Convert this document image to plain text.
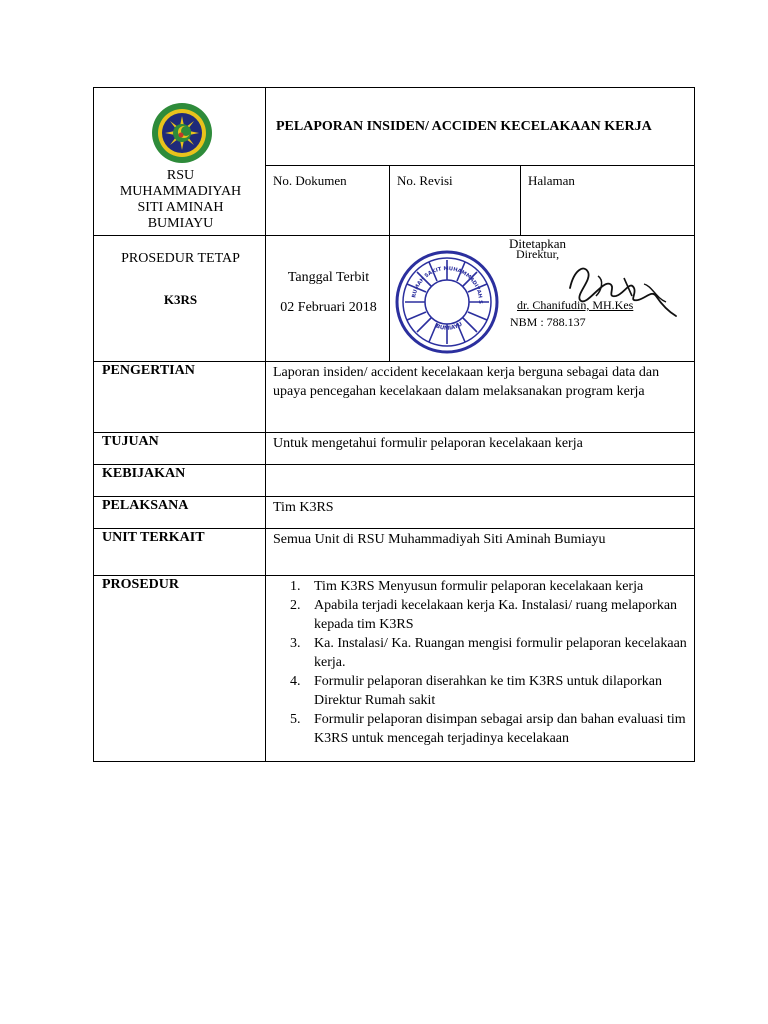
RSU
MUHAMMADIYAH
SITI AMINAH
BUMIAYU
PELAPORAN INSIDEN/ ACCIDEN KECELAKAAN KERJA
No. Dokumen	No. Revisi	Halaman
PROSEDUR TETAP
K3RS
Tanggal Terbit
02 Februari 2018
RUMAH SAKIT MUHAMMADIYAH S
BUMIAYU
Ditetapkan
Direktur,
dr. Chanifudin, MH.Kes
NBM : 788.137
PENGERTIAN	Laporan insiden/ accident kecelakaan kerja berguna sebagai data dan upaya pencegahan kecelakaan dalam melaksanakan program kerja
TUJUAN	Untuk mengetahui formulir pelaporan kecelakaan kerja
KEBIJAKAN
PELAKSANA	Tim K3RS
UNIT TERKAIT	Semua Unit di RSU Muhammadiyah Siti Aminah Bumiayu
PROSEDUR	1. Tim K3RS Menyusun formulir pelaporan kecelakaan kerja
2. Apabila terjadi kecelakaan kerja Ka. Instalasi/ ruang melaporkan kepada tim K3RS
3. Ka. Instalasi/ Ka. Ruangan mengisi formulir pelaporan kecelakaan kerja.
4. Formulir pelaporan diserahkan ke tim K3RS untuk dilaporkan Direktur Rumah sakit
5. Formulir pelaporan disimpan sebagai arsip dan bahan evaluasi tim K3RS untuk mencegah terjadinya kecelakaan
